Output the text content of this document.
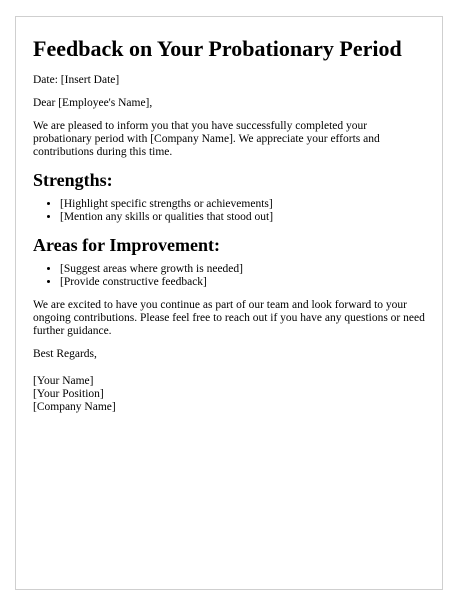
Feedback on Your Probationary Period

Date: [Insert Date]

Dear [Employee's Name],

We are pleased to inform you that you have successfully completed your probationary period with [Company Name]. We appreciate your efforts and contributions during this time.

Strengths:
• [Highlight specific strengths or achievements]
• [Mention any skills or qualities that stood out]
Areas for Improvement:
• [Suggest areas where growth is needed]
• [Provide constructive feedback]

We are excited to have you continue as part of our team and look forward to your ongoing contributions. Please feel free to reach out if you have any questions or need further guidance.

Best Regards,

[Your Name]

[Your Position]

[Company Name]
